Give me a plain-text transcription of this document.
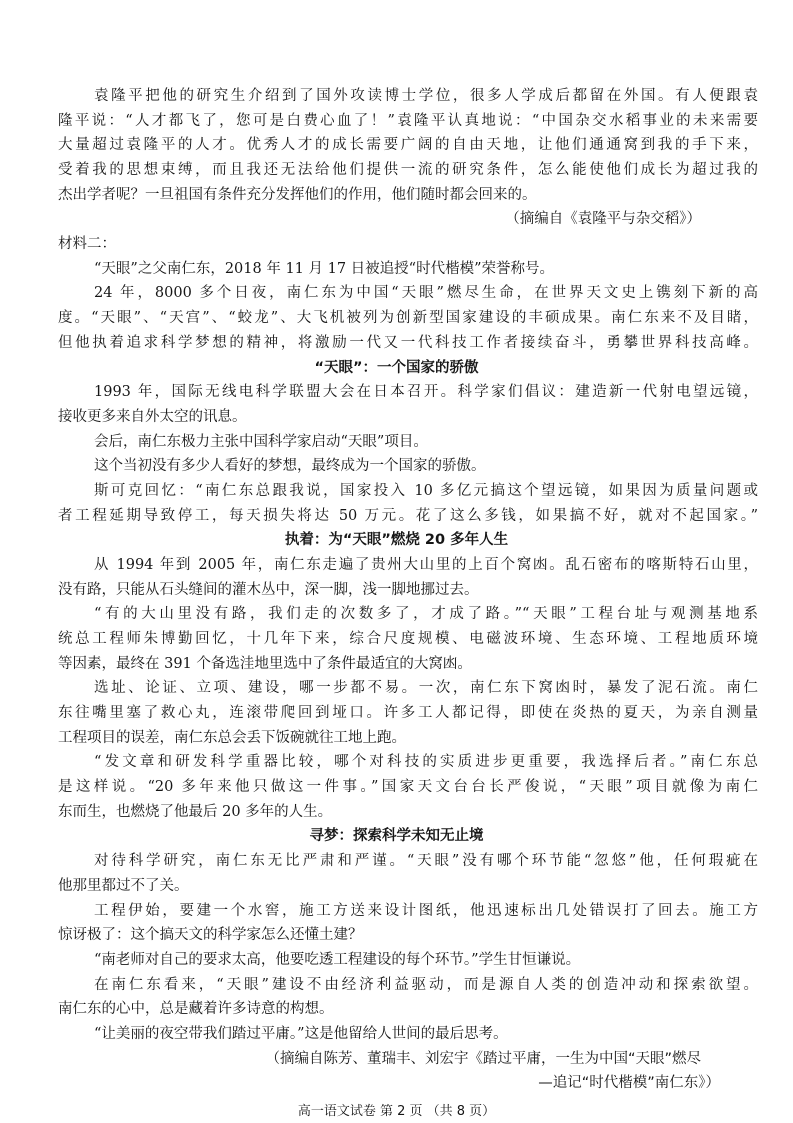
袁隆平把他的研究生介绍到了国外攻读博士学位，很多人学成后都留在外国。有人便跟袁
隆平说：“人才都飞了，您可是白费心血了！”袁隆平认真地说：“中国杂交水稻事业的未来需要
大量超过袁隆平的人才。优秀人才的成长需要广阔的自由天地，让他们通通窝到我的手下来，
受着我的思想束缚，而且我还无法给他们提供一流的研究条件，怎么能使他们成长为超过我的
杰出学者呢？一旦祖国有条件充分发挥他们的作用，他们随时都会回来的。
（摘编自《袁隆平与杂交稻》）
材料二：
“天眼”之父南仁东，2018 年 11 月 17 日被追授“时代楷模”荣誉称号。
24 年，8000 多个日夜，南仁东为中国“天眼”燃尽生命，在世界天文史上镌刻下新的高
度。“天眼”、“天宫”、“蛟龙”、大飞机被列为创新型国家建设的丰硕成果。南仁东来不及目睹，
但他执着追求科学梦想的精神，将激励一代又一代科技工作者接续奋斗，勇攀世界科技高峰。
“天眼”：一个国家的骄傲
1993 年，国际无线电科学联盟大会在日本召开。科学家们倡议：建造新一代射电望远镜，
接收更多来自外太空的讯息。
会后，南仁东极力主张中国科学家启动“天眼”项目。
这个当初没有多少人看好的梦想，最终成为一个国家的骄傲。
斯可克回忆：“南仁东总跟我说，国家投入 10 多亿元搞这个望远镜，如果因为质量问题或
者工程延期导致停工，每天损失将达 50 万元。花了这么多钱，如果搞不好，就对不起国家。”
执着：为“天眼”燃烧 20 多年人生
从 1994 年到 2005 年，南仁东走遍了贵州大山里的上百个窝凼。乱石密布的喀斯特石山里，
没有路，只能从石头缝间的灌木丛中，深一脚，浅一脚地挪过去。
“有的大山里没有路，我们走的次数多了，才成了路。”“天眼”工程台址与观测基地系
统总工程师朱博勤回忆，十几年下来，综合尺度规模、电磁波环境、生态环境、工程地质环境
等因素，最终在 391 个备选洼地里选中了条件最适宜的大窝凼。
选址、论证、立项、建设，哪一步都不易。一次，南仁东下窝凼时，暴发了泥石流。南仁
东往嘴里塞了救心丸，连滚带爬回到垭口。许多工人都记得，即使在炎热的夏天，为亲自测量
工程项目的误差，南仁东总会丢下饭碗就往工地上跑。
“发文章和研发科学重器比较，哪个对科技的实质进步更重要，我选择后者。”南仁东总
是这样说。“20 多年来他只做这一件事。”国家天文台台长严俊说，“天眼”项目就像为南仁
东而生，也燃烧了他最后 20 多年的人生。
寻梦：探索科学未知无止境
对待科学研究，南仁东无比严肃和严谨。“天眼”没有哪个环节能“忽悠”他，任何瑕疵在
他那里都过不了关。
工程伊始，要建一个水窖，施工方送来设计图纸，他迅速标出几处错误打了回去。施工方
惊讶极了：这个搞天文的科学家怎么还懂土建？
“南老师对自己的要求太高，他要吃透工程建设的每个环节。”学生甘恒谦说。
在南仁东看来，“天眼”建设不由经济利益驱动，而是源自人类的创造冲动和探索欲望。
南仁东的心中，总是藏着许多诗意的构想。
“让美丽的夜空带我们踏过平庸。”这是他留给人世间的最后思考。
（摘编自陈芳、董瑞丰、刘宏宇《踏过平庸，一生为中国“天眼”燃尽
—追记“时代楷模”南仁东》）
高一语文试卷 第 2 页 （共 8 页）
